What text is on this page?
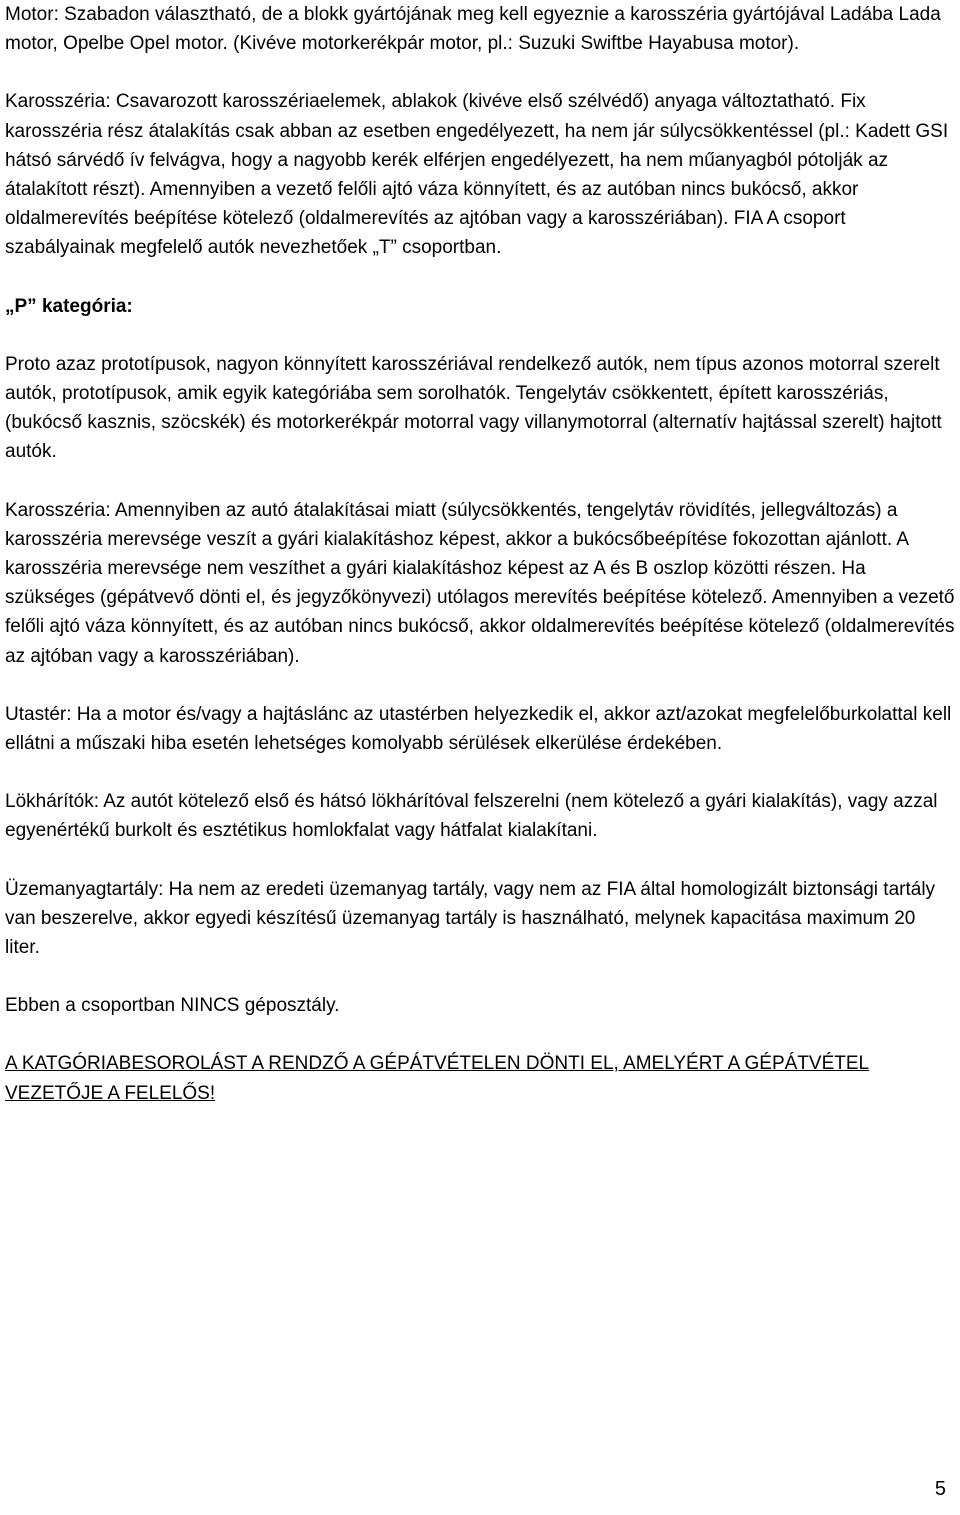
Motor: Szabadon választható, de a blokk gyártójának meg kell egyeznie a karosszéria gyártójával Ladába Lada motor, Opelbe Opel motor. (Kivéve motorkerékpár motor, pl.: Suzuki Swiftbe Hayabusa motor).

Karosszéria: Csavarozott karosszériaelemek, ablakok (kivéve első szélvédő) anyaga változtatható. Fix karosszéria rész átalakítás csak abban az esetben engedélyezett, ha nem jár súlycsökkentéssel (pl.: Kadett GSI hátsó sárvédő ív felvágva, hogy a nagyobb kerék elférjen engedélyezett, ha nem műanyagból pótolják az átalakított részt). Amennyiben a vezető felőli ajtó váza könnyített, és az autóban nincs bukócső, akkor oldalmerevítés beépítése kötelező (oldalmerevítés az ajtóban vagy a karosszériában). FIA A csoport szabályainak megfelelő autók nevezhetőek „T” csoportban.

„P” kategória:

Proto azaz prototípusok, nagyon könnyített karosszériával rendelkező autók, nem típus azonos motorral szerelt autók, prototípusok, amik egyik kategóriába sem sorolhatók. Tengelytáv csökkentett, épített karosszériás, (bukócső kasznis, szöcskék) és motorkerékpár motorral vagy villanymotorral (alternatív hajtással szerelt) hajtott autók.

Karosszéria: Amennyiben az autó átalakításai miatt (súlycsökkentés, tengelytáv rövidítés, jellegváltozás) a karosszéria merevsége veszít a gyári kialakításhoz képest, akkor a bukócsőbeépítése fokozottan ajánlott. A karosszéria merevsége nem veszíthet a gyári kialakításhoz képest az A és B oszlop közötti részen. Ha szükséges (gépátvevő dönti el, és jegyzőkönyvezi) utólagos merevítés beépítése kötelező. Amennyiben a vezető felőli ajtó váza könnyített, és az autóban nincs bukócső, akkor oldalmerevítés beépítése kötelező (oldalmerevítés az ajtóban vagy a karosszériában).

Utastér: Ha a motor és/vagy a hajtáslánc az utastérben helyezkedik el, akkor azt/azokat megfelelőburkolattal kell ellátni a műszaki hiba esetén lehetséges komolyabb sérülések elkerülése érdekében.

Lökhárítók: Az autót kötelező első és hátsó lökhárítóval felszerelni (nem kötelező a gyári kialakítás), vagy azzal egyenértékű burkolt és esztétikus homlokfalat vagy hátfalat kialakítani.

Üzemanyagtartály: Ha nem az eredeti üzemanyag tartály, vagy nem az FIA által homologizált biztonsági tartály van beszerelve, akkor egyedi készítésű üzemanyag tartály is használható, melynek kapacitása maximum 20 liter.

Ebben a csoportban NINCS géposztály.

A KATGÓRIABESOROLÁST A RENDZŐ A GÉPÁTVÉTELEN DÖNTI EL, AMELYÉRT A GÉPÁTVÉTEL VEZETŐJE A FELELŐS!

5
